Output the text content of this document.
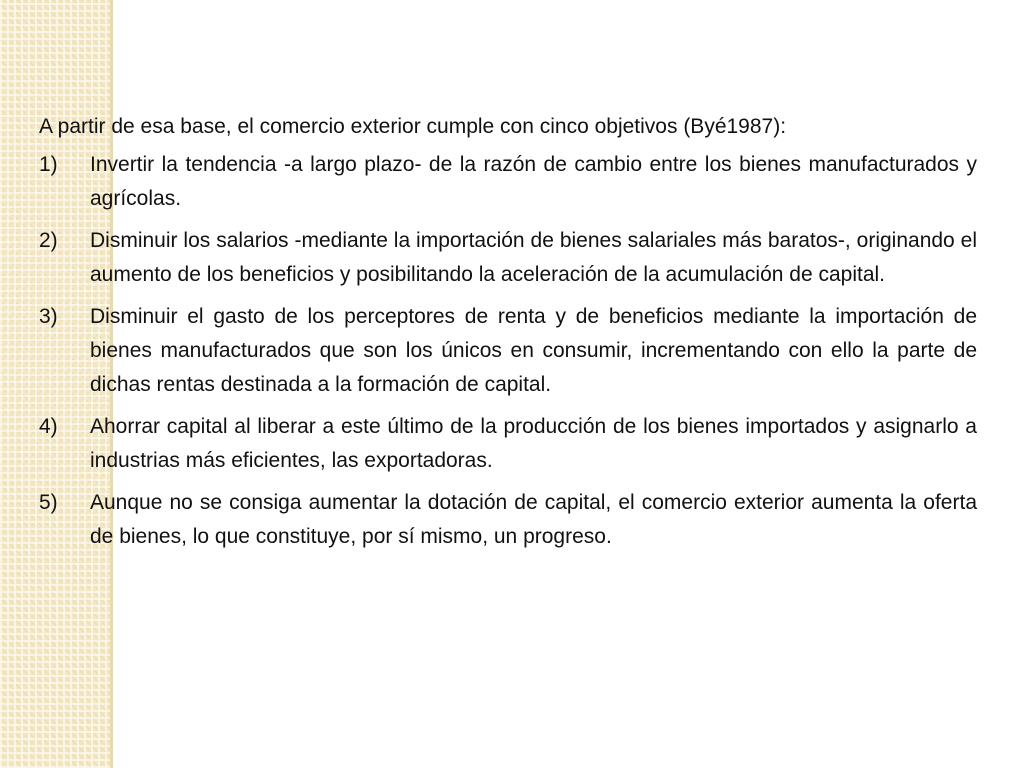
A partir de esa base, el comercio exterior cumple con cinco objetivos (Byé1987):

1)	Invertir la tendencia -a largo plazo- de la razón de cambio entre los bienes manufacturados y agrícolas.
2)	Disminuir los salarios -mediante la importación de bienes salariales más baratos-, originando el aumento de los beneficios y posibilitando la aceleración de la acumulación de capital.
3)	Disminuir el gasto de los perceptores de renta y de beneficios mediante la importación de bienes manufacturados que son los únicos en consumir, incrementando con ello la parte de dichas rentas destinada a la formación de capital.
4)	Ahorrar capital al liberar a este último de la producción de los bienes importados y asignarlo a industrias más eficientes, las exportadoras.
5)	Aunque no se consiga aumentar la dotación de capital, el comercio exterior aumenta la oferta de bienes, lo que constituye, por sí mismo, un progreso.
